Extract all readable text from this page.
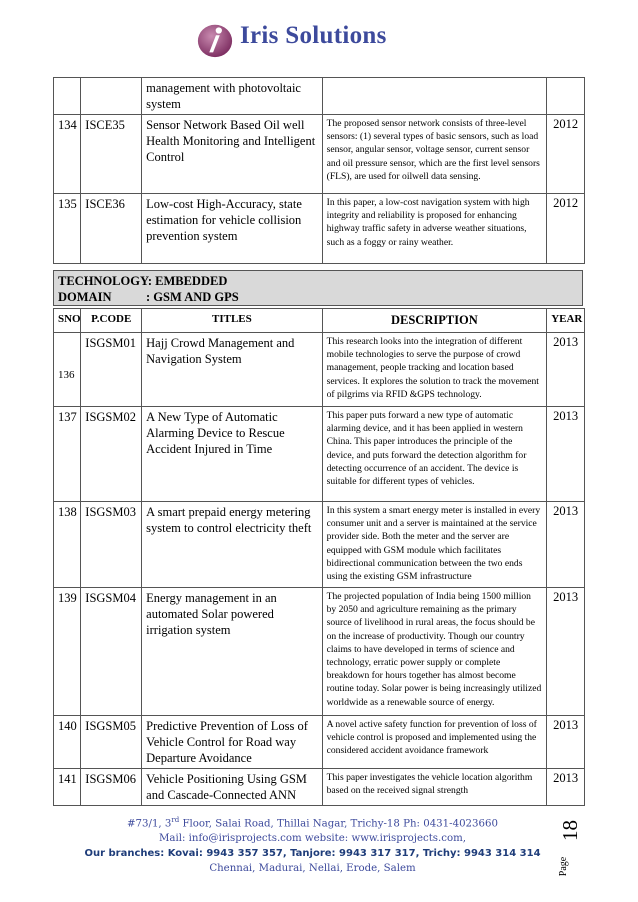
Iris Solutions
		management with photovoltaic system		
134	ISCE35	Sensor Network Based Oil well Health Monitoring and Intelligent Control	The proposed sensor network consists of three-level sensors: (1) several types of basic sensors, such as load sensor, angular sensor, voltage sensor, current sensor and oil pressure sensor, which are the first level sensors (FLS), are used for oilwell data sensing.	2012
135	ISCE36	Low-cost High-Accuracy, state estimation for vehicle collision prevention system	In this paper, a low-cost navigation system with high integrity and reliability is proposed for enhancing highway traffic safety in adverse weather situations, such as a foggy or rainy weather.	2012
TECHNOLOGY: EMBEDDED
DOMAIN	: GSM AND GPS
SNO	P.CODE	TITLES	DESCRIPTION	YEAR
136	ISGSM01	Hajj Crowd Management and Navigation System	This research looks into the integration of different mobile technologies to serve the purpose of crowd management, people tracking and location based services. It explores the solution to track the movement of pilgrims via RFID &GPS technology.	2013
137	ISGSM02	A New Type of Automatic Alarming Device to Rescue Accident Injured in Time	This paper puts forward a new type of automatic alarming device, and it has been applied in western China. This paper introduces the principle of the device, and puts forward the detection algorithm for detecting occurrence of an accident. The device is suitable for different types of vehicles.	2013
138	ISGSM03	A smart prepaid energy metering system to control electricity theft	In this system a smart energy meter is installed in every consumer unit and a server is maintained at the service provider side. Both the meter and the server are equipped with GSM module which facilitates bidirectional communication between the two ends using the existing GSM infrastructure	2013
139	ISGSM04	Energy management in an automated Solar powered irrigation system	The projected population of India being 1500 million by 2050 and agriculture remaining as the primary source of livelihood in rural areas, the focus should be on the increase of productivity. Though our country claims to have developed in terms of science and technology, erratic power supply or complete breakdown for hours together has almost become routine today. Solar power is being increasingly utilized worldwide as a renewable source of energy.	2013
140	ISGSM05	Predictive Prevention of Loss of Vehicle Control for Road way Departure Avoidance	A novel active safety function for prevention of loss of vehicle control is proposed and implemented using the considered accident avoidance framework	2013
141	ISGSM06	Vehicle Positioning Using GSM and Cascade-Connected ANN	This paper investigates the vehicle location algorithm based on the received signal strength	2013
#73/1, 3rd Floor, Salai Road, Thillai Nagar, Trichy-18 Ph: 0431-4023660
Mail: info@irisprojects.com website: www.irisprojects.com,
Our branches: Kovai: 9943 357 357, Tanjore: 9943 317 317, Trichy: 9943 314 314
Chennai, Madurai, Nellai, Erode, Salem	Page
18
